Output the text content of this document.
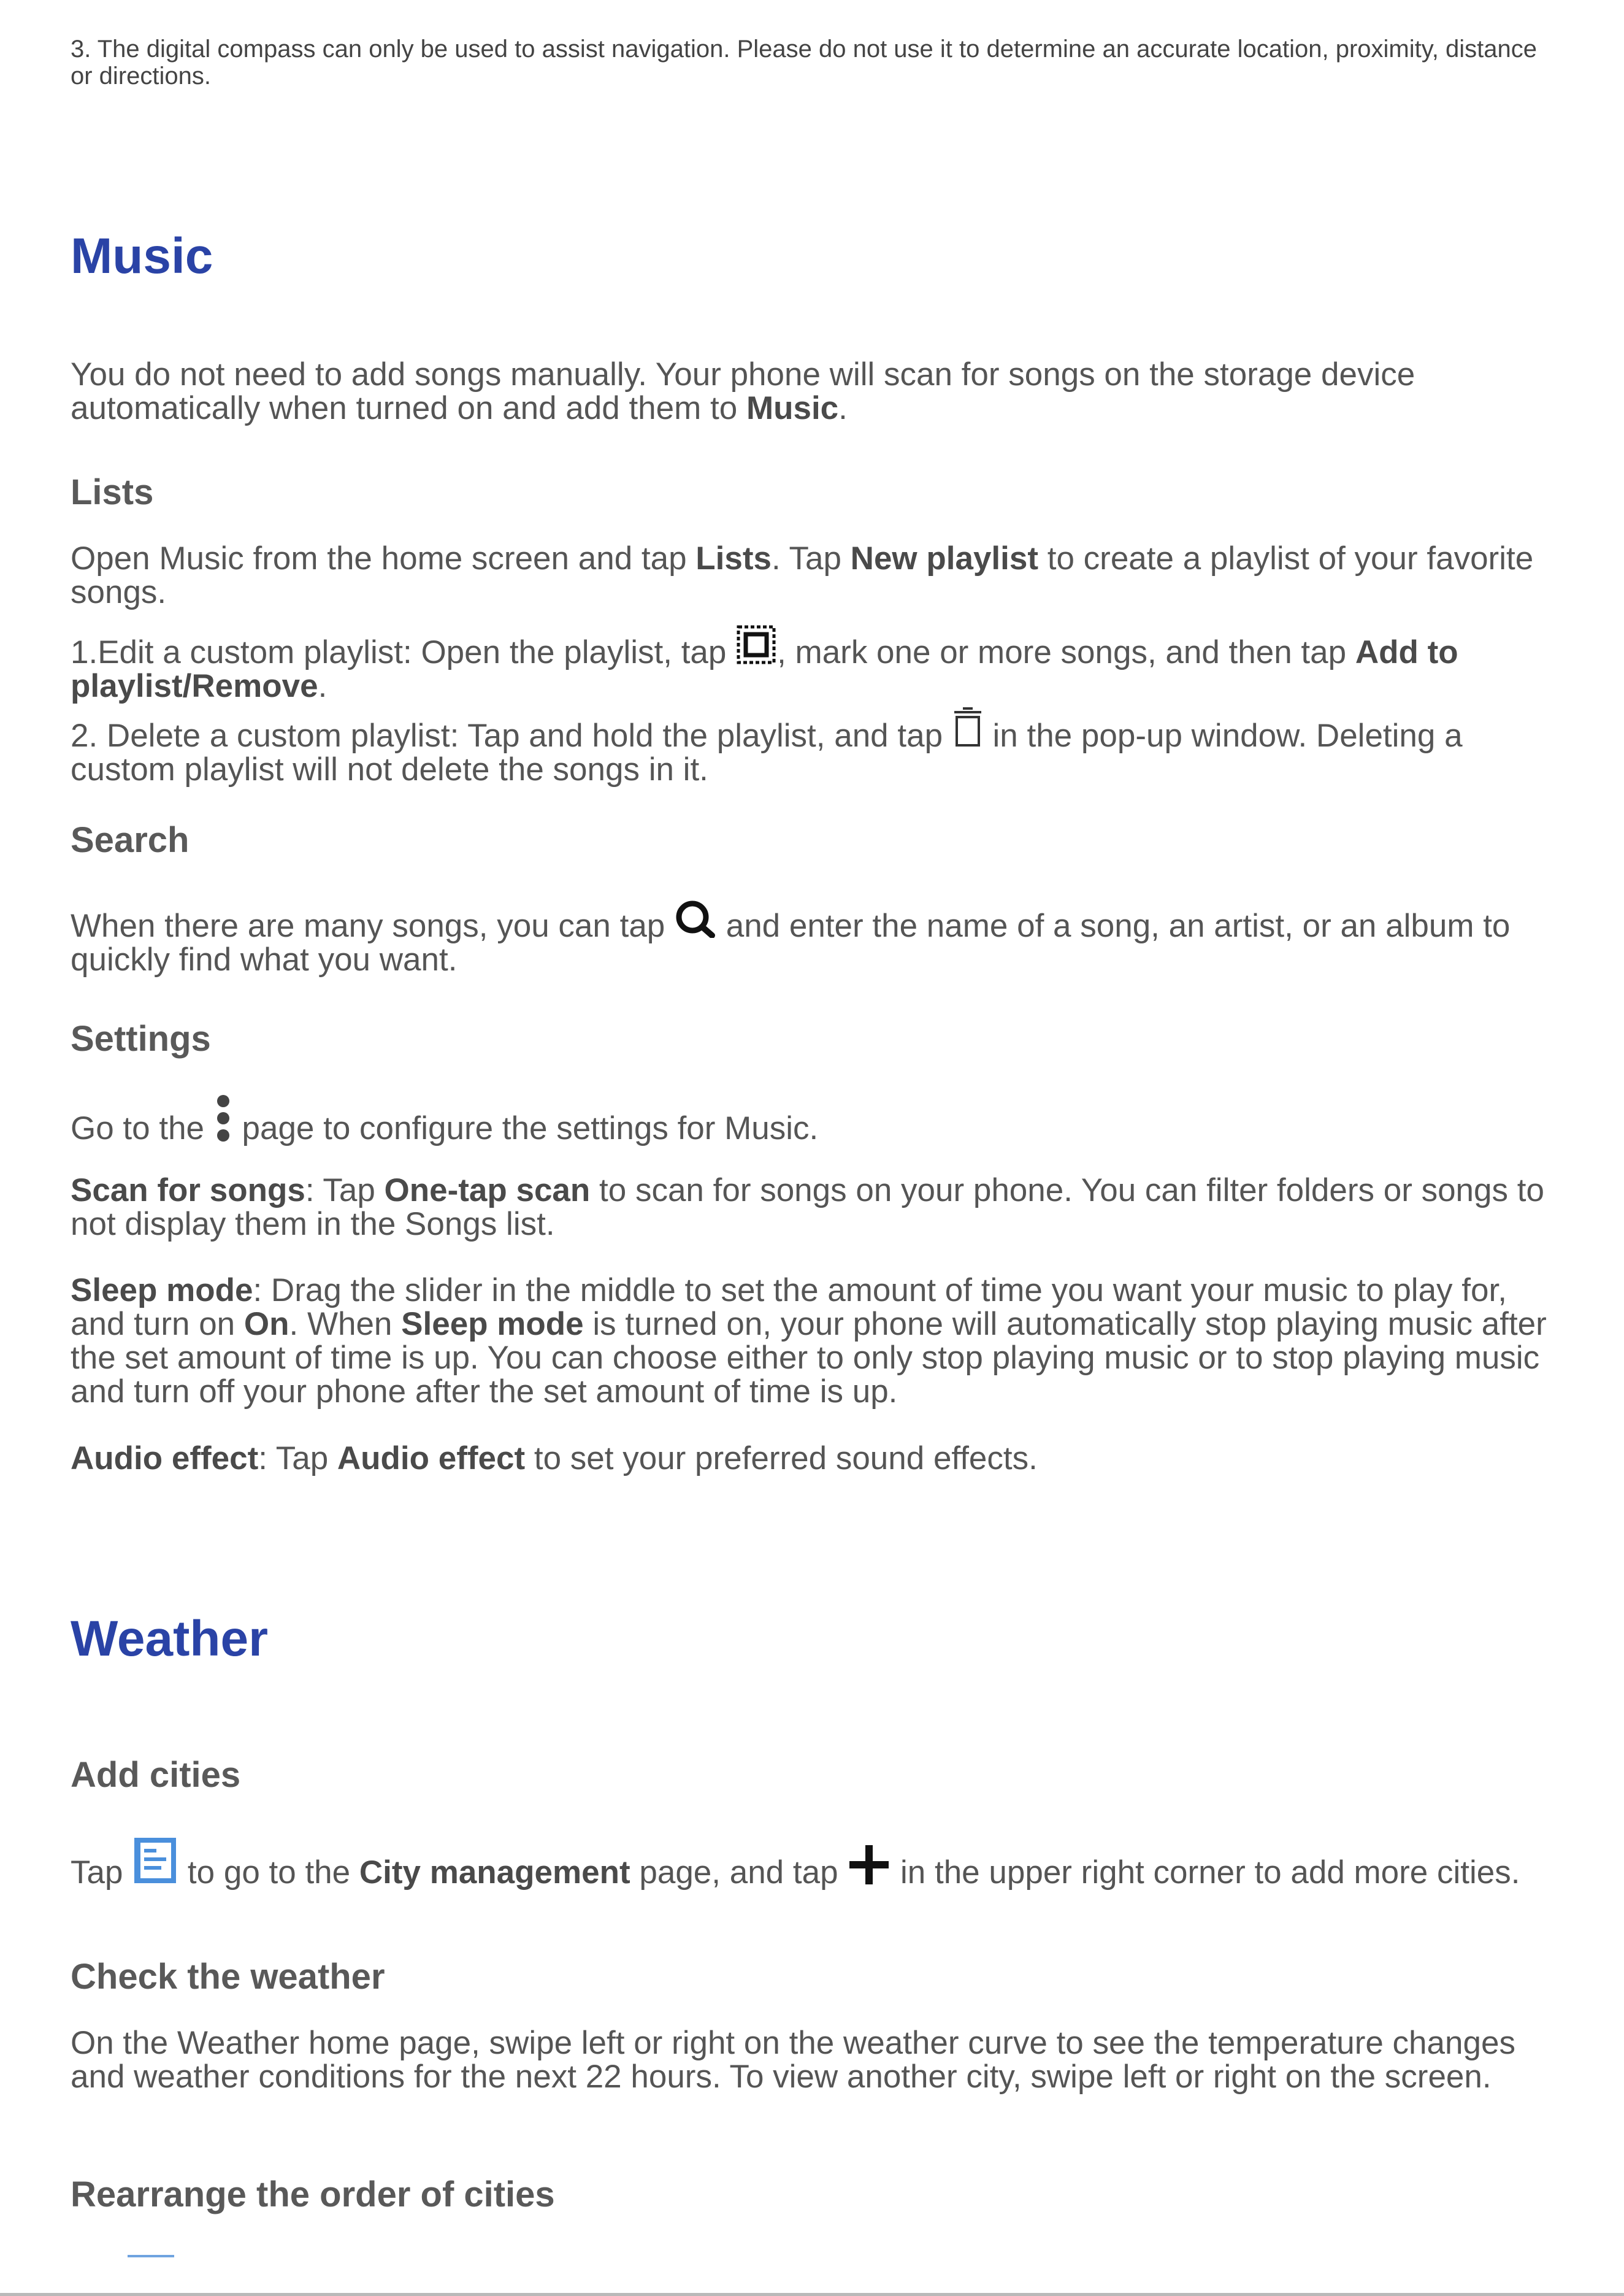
3. The digital compass can only be used to assist navigation. Please do not use it to determine an accurate location, proximity, distance or directions.

Music

You do not need to add songs manually. Your phone will scan for songs on the storage device automatically when turned on and add them to Music.

Lists

Open Music from the home screen and tap Lists. Tap New playlist to create a playlist of your favorite songs.

1.Edit a custom playlist: Open the playlist, tap
, mark one or more songs, and then tap Add to playlist/Remove.

2. Delete a custom playlist: Tap and hold the playlist, and tap
in the pop-up window. Deleting a custom playlist will not delete the songs in it.

Search

When there are many songs, you can tap
and enter the name of a song, an artist, or an album to quickly find what you want.

Settings

Go to the
page to configure the settings for Music.

Scan for songs: Tap One-tap scan to scan for songs on your phone. You can filter folders or songs to not display them in the Songs list.

Sleep mode: Drag the slider in the middle to set the amount of time you want your music to play for, and turn on On. When Sleep mode is turned on, your phone will automatically stop playing music after the set amount of time is up. You can choose either to only stop playing music or to stop playing music and turn off your phone after the set amount of time is up.

Audio effect: Tap Audio effect to set your preferred sound effects.

Weather
Add cities

Tap
to go to the City management page, and tap
in the upper right corner to add more cities.

Check the weather

On the Weather home page, swipe left or right on the weather curve to see the temperature changes and weather conditions for the next 22 hours. To view another city, swipe left or right on the screen.

Rearrange the order of cities
